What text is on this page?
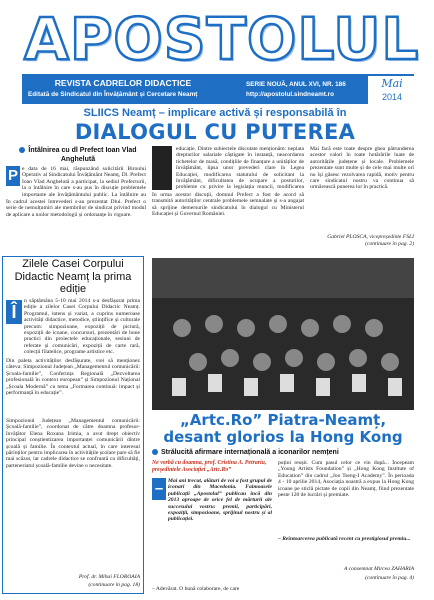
APOSTOLUL
REVISTA CADRELOR DIDACTICE
Editată de Sindicatul din Învățământ și Cercetare Neamț
SERIE NOUĂ, ANUL XVI, NR. 186
http://apostolul.sindneamt.ro
Mai
2014
SLIICS Neamț – implicare activă și responsabilă în
DIALOGUL CU PUTEREA
Întâlnirea cu dl Prefect Ioan Vlad Anghelută
P e data de 16 mai, răspunzând solicitării Biroului Operativ al Sindicatului Învățământ Neamț, Dl. Prefect Ioan Vlad Anghelută a participat, la sediul Prefecturii, la o întâlnire în care s-au pus în discuție problemele importante ale învățământului public. La întâlnire au
În cadrul acestei întrevederi s-au prezentat Dlui. Prefect o serie de nemulțumiri ale membrilor de sindicat privind modul de aplicare a noilor metodologii și ordonanțe în vigoare.
educație. Dintre subiectele discutate menționăm: neplata drepturilor salariale câștigate în instanță, neacordarea tichetelor de masă, condițiile de finanțare a unităților de învățământ, lipsa unor prevederi clare în Legea Educației, modificarea statutului de solicitant la învățământ, dificultatea de ocupare a posturilor, probleme cu privire la legislația muncii, modificarea
În urma acestor discuții, domnul Prefect a fost de acord să transmită autorităților centrale problemele semnalate și s-a angajat să sprijine demersurile sindicatului în dialogul cu Ministerul Educației și Guvernul României.
Mai facă este toate despre ghea pătrunderea acestor valori în toate hotărârile luate de autoritățile județene și locale. Problemele prezentate sunt multe și de cele mai multe ori nu își găsesc rezolvarea rapidă, motiv pentru care sindicatul nostru va continua să urmărească punerea lor în practică.
Gabriel PLOSCA, vicepreședinte FSLI
(continuare în pag. 2)
Zilele Casei Corpului Didactic Neamț la prima ediție
Î
n săptămâna 5-10 mai 2014 s-a desfășurat prima ediție a zilelor Casei Corpului Didactic Neamț. Programul, intens și variat, a cuprins numeroase activități didactice, metodice, științifice și culturale precum: simpozioane, expoziții de pictură, expoziții de icoane, concursuri, prezentări de bune practici din proiectele educaționale, sesiuni de referate și comunicări, expoziții de carte rară, colecții filatelice, programe artistice etc.
Din paleta activităților desfășurate, vrei să menționez câteva: Simpozionul Județean „Managementul comunicării: Școala-familie”, Conferința Regională „Dezvoltarea profesională în context european” și Simpozionul Național „Școala Modernă” cu tema „Formarea continuă: impact și performanță în educație”.
Simpozionul Județean „Managementul comunicării: Școală-familie”, coordonat de către doamna profesor-învățător Elena Roxana Irimia, a avut drept obiectiv principal conștientizarea importanței comunicării dintre școală și familie. În contextul actual, în care interesul părinților pentru implicarea în activitățile școlare pare să fie mai scăzut, iar cadrele didactice se confruntă cu dificultăți, parteneriatul școală-familie devine o necesitate.
Prof. dr. Mihai FLOROAIA
(continuare în pag. 18)
„Artc.Ro” Piatra-Neamț, desant glorios la Hong Kong
Strălucită afirmare internațională a iconarilor nemțeni
Ne vorbă cu doamna, prof. Cristina A. Petrariu, președintele Asociației „Artc.Ro”
– Mai ani trecut, alături de voi a fost grupul de iconari din Macedonia. Faimoasele publicații „Apostolul” publicau încă din 2013 aproape de orice fel de mărturii ale succesului vostru: premii, participări, expoziții, simpozioane, sprijinul nostru și al publicației.
– Adevărat. O bună colaborare, de care
puțini reușit. Cum pasul celor ce vin după... Începeam „Young Artists Foundation” și „Hong Kong Institute of Education” din cadrul „Joo Tseng-I Academy”. În perioada 4 - 10 aprilie 2014, Asociația noastră a expus la Hong Kong icoane pe sticlă pictate de copii din Neamț, fiind prezentate peste 120 de lucrări și premiate.
– Reîntoarcerea publicată recent cu prestigiosul premiu...
A consemnat Mircea ZAHARIA
(continuare în pag. 4)
